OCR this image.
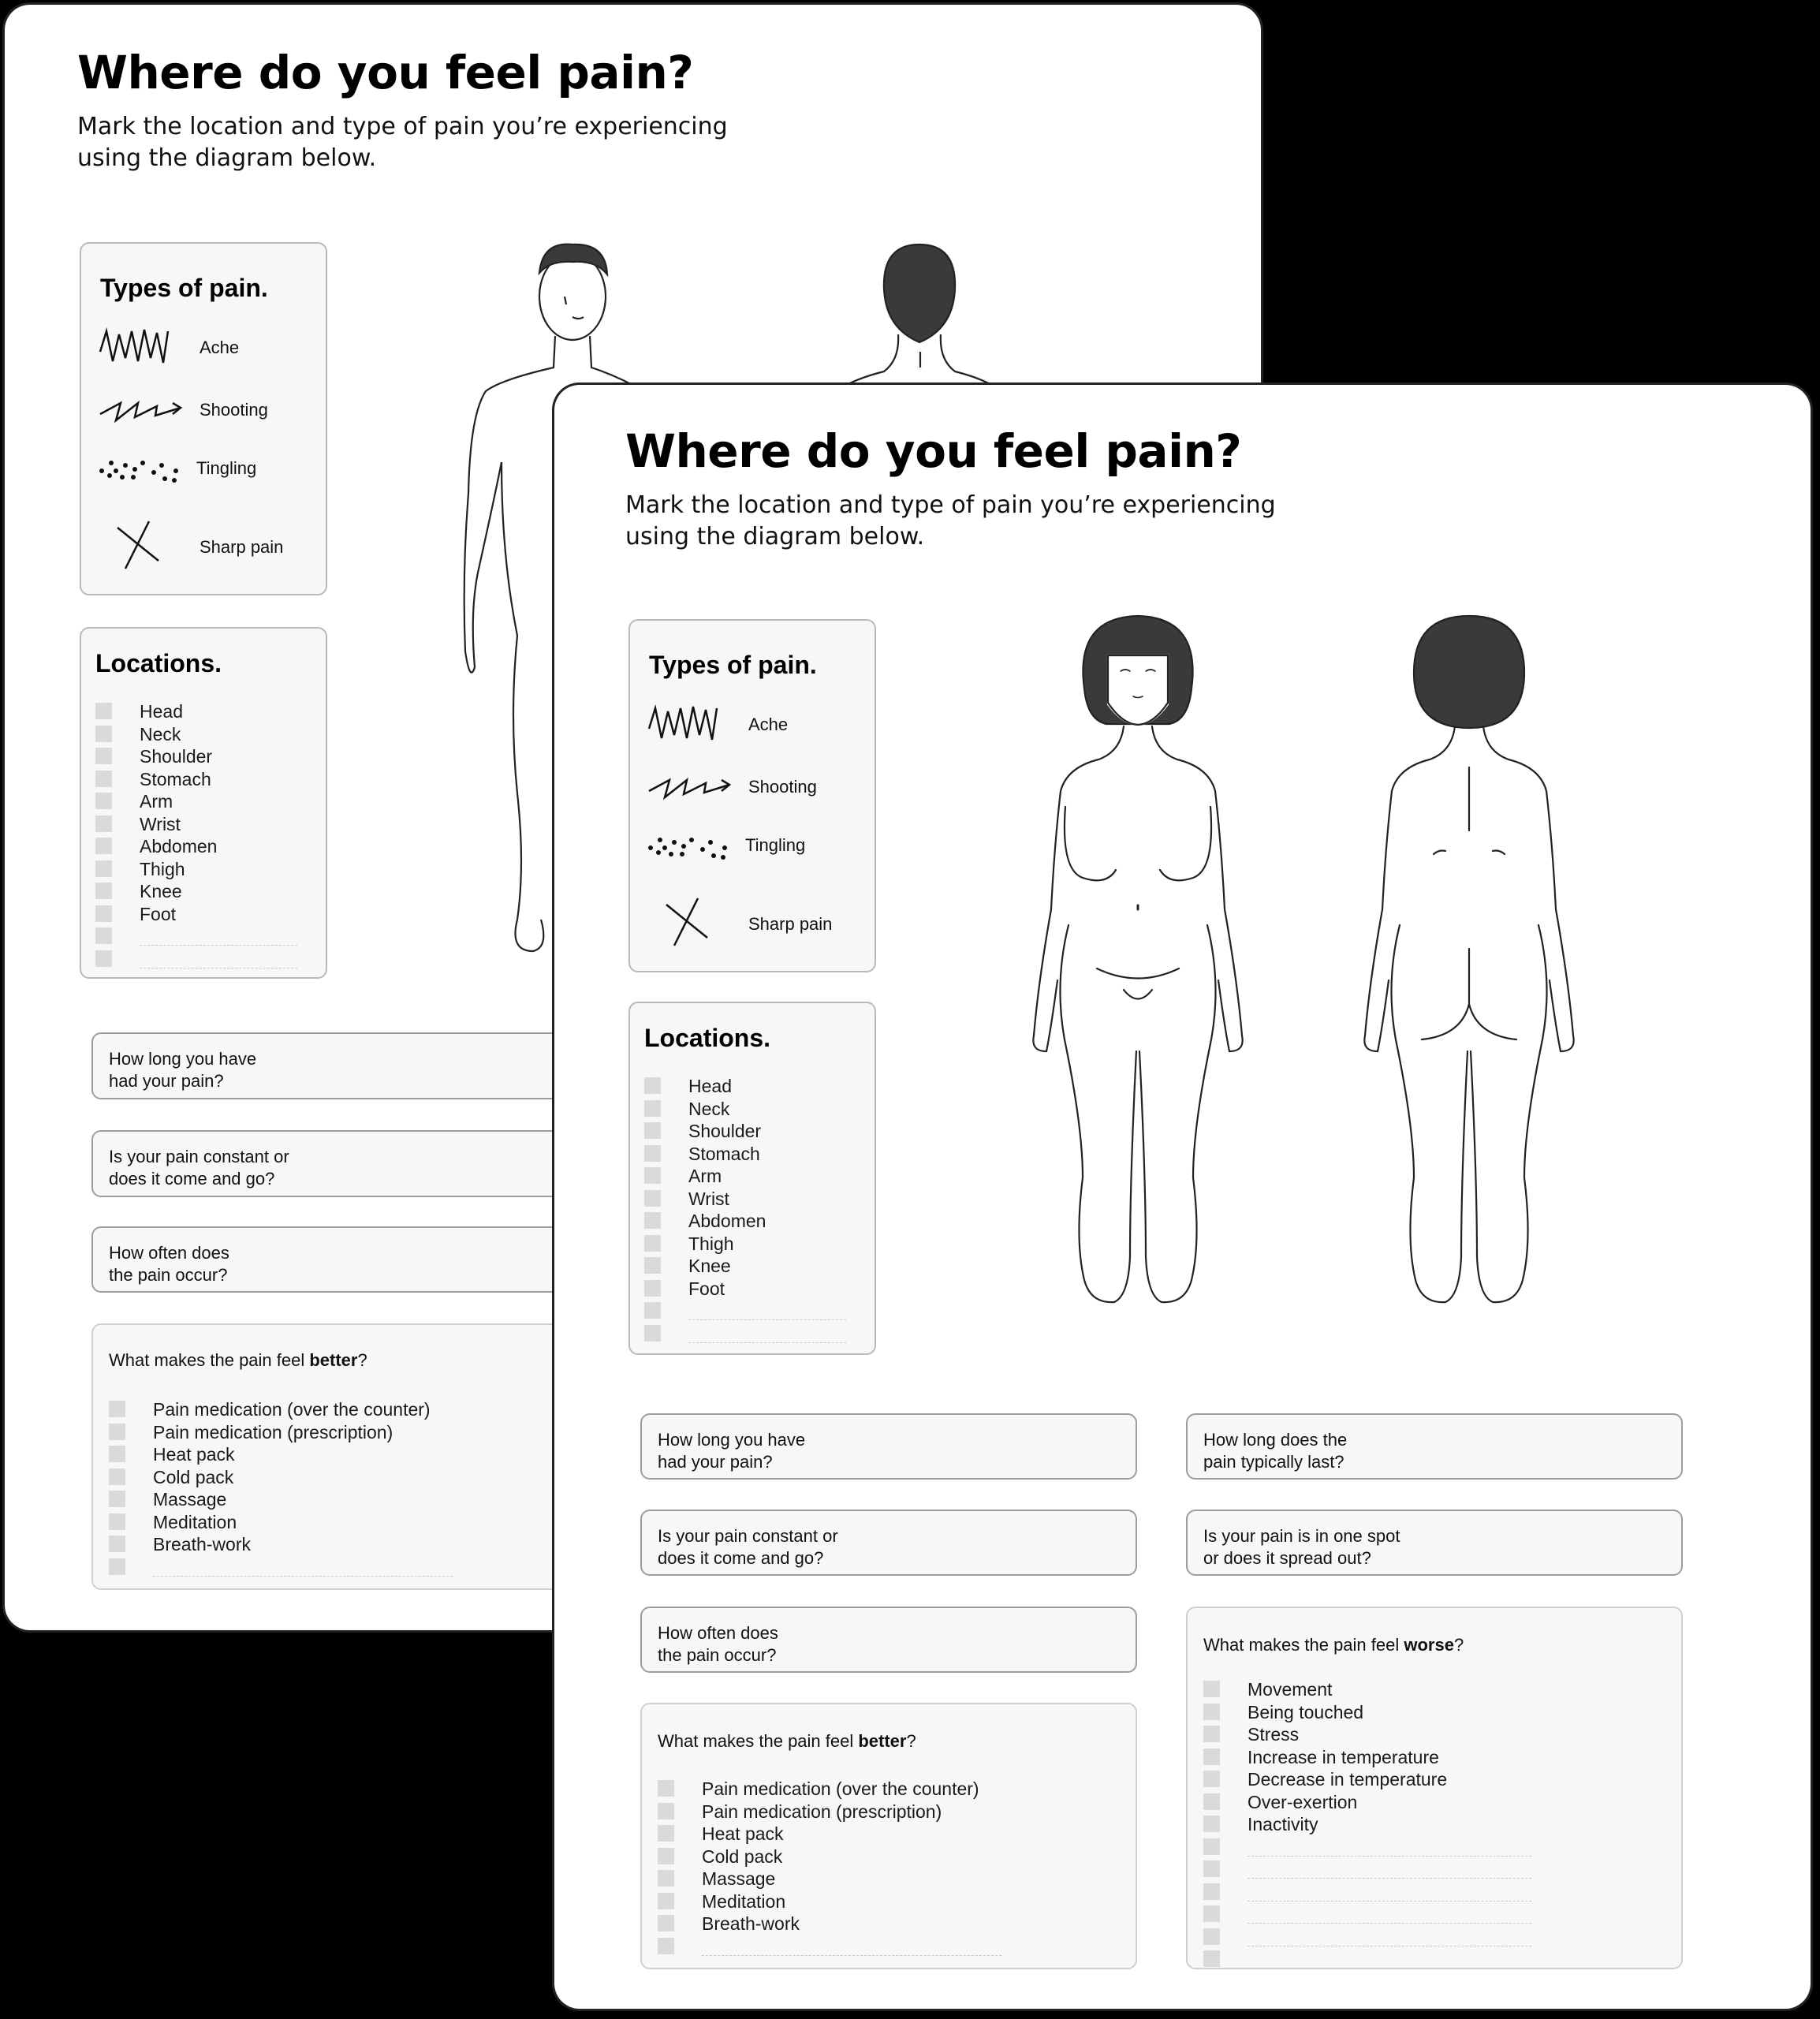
Where do you feel pain?
Mark the location and type of pain you’re experiencing
using the diagram below.
Types of pain.
Ache
Shooting
Tingling
Sharp pain
Locations.
Head
Neck
Shoulder
Stomach
Arm
Wrist
Abdomen
Thigh
Knee
Foot
How long you have
had your pain?
Is your pain constant or
does it come and go?
How often does
the pain occur?
What makes the pain feel better?
Pain medication (over the counter)
Pain medication (prescription)
Heat pack
Cold pack
Massage
Meditation
Breath-work
Where do you feel pain?
Mark the location and type of pain you’re experiencing
using the diagram below.
Types of pain.
Ache
Shooting
Tingling
Sharp pain
Locations.
Head
Neck
Shoulder
Stomach
Arm
Wrist
Abdomen
Thigh
Knee
Foot
How long you have
had your pain?
Is your pain constant or
does it come and go?
How often does
the pain occur?
What makes the pain feel better?
Pain medication (over the counter)
Pain medication (prescription)
Heat pack
Cold pack
Massage
Meditation
Breath-work
How long does the
pain typically last?
Is your pain is in one spot
or does it spread out?
What makes the pain feel worse?
Movement
Being touched
Stress
Increase in temperature
Decrease in temperature
Over-exertion
Inactivity
